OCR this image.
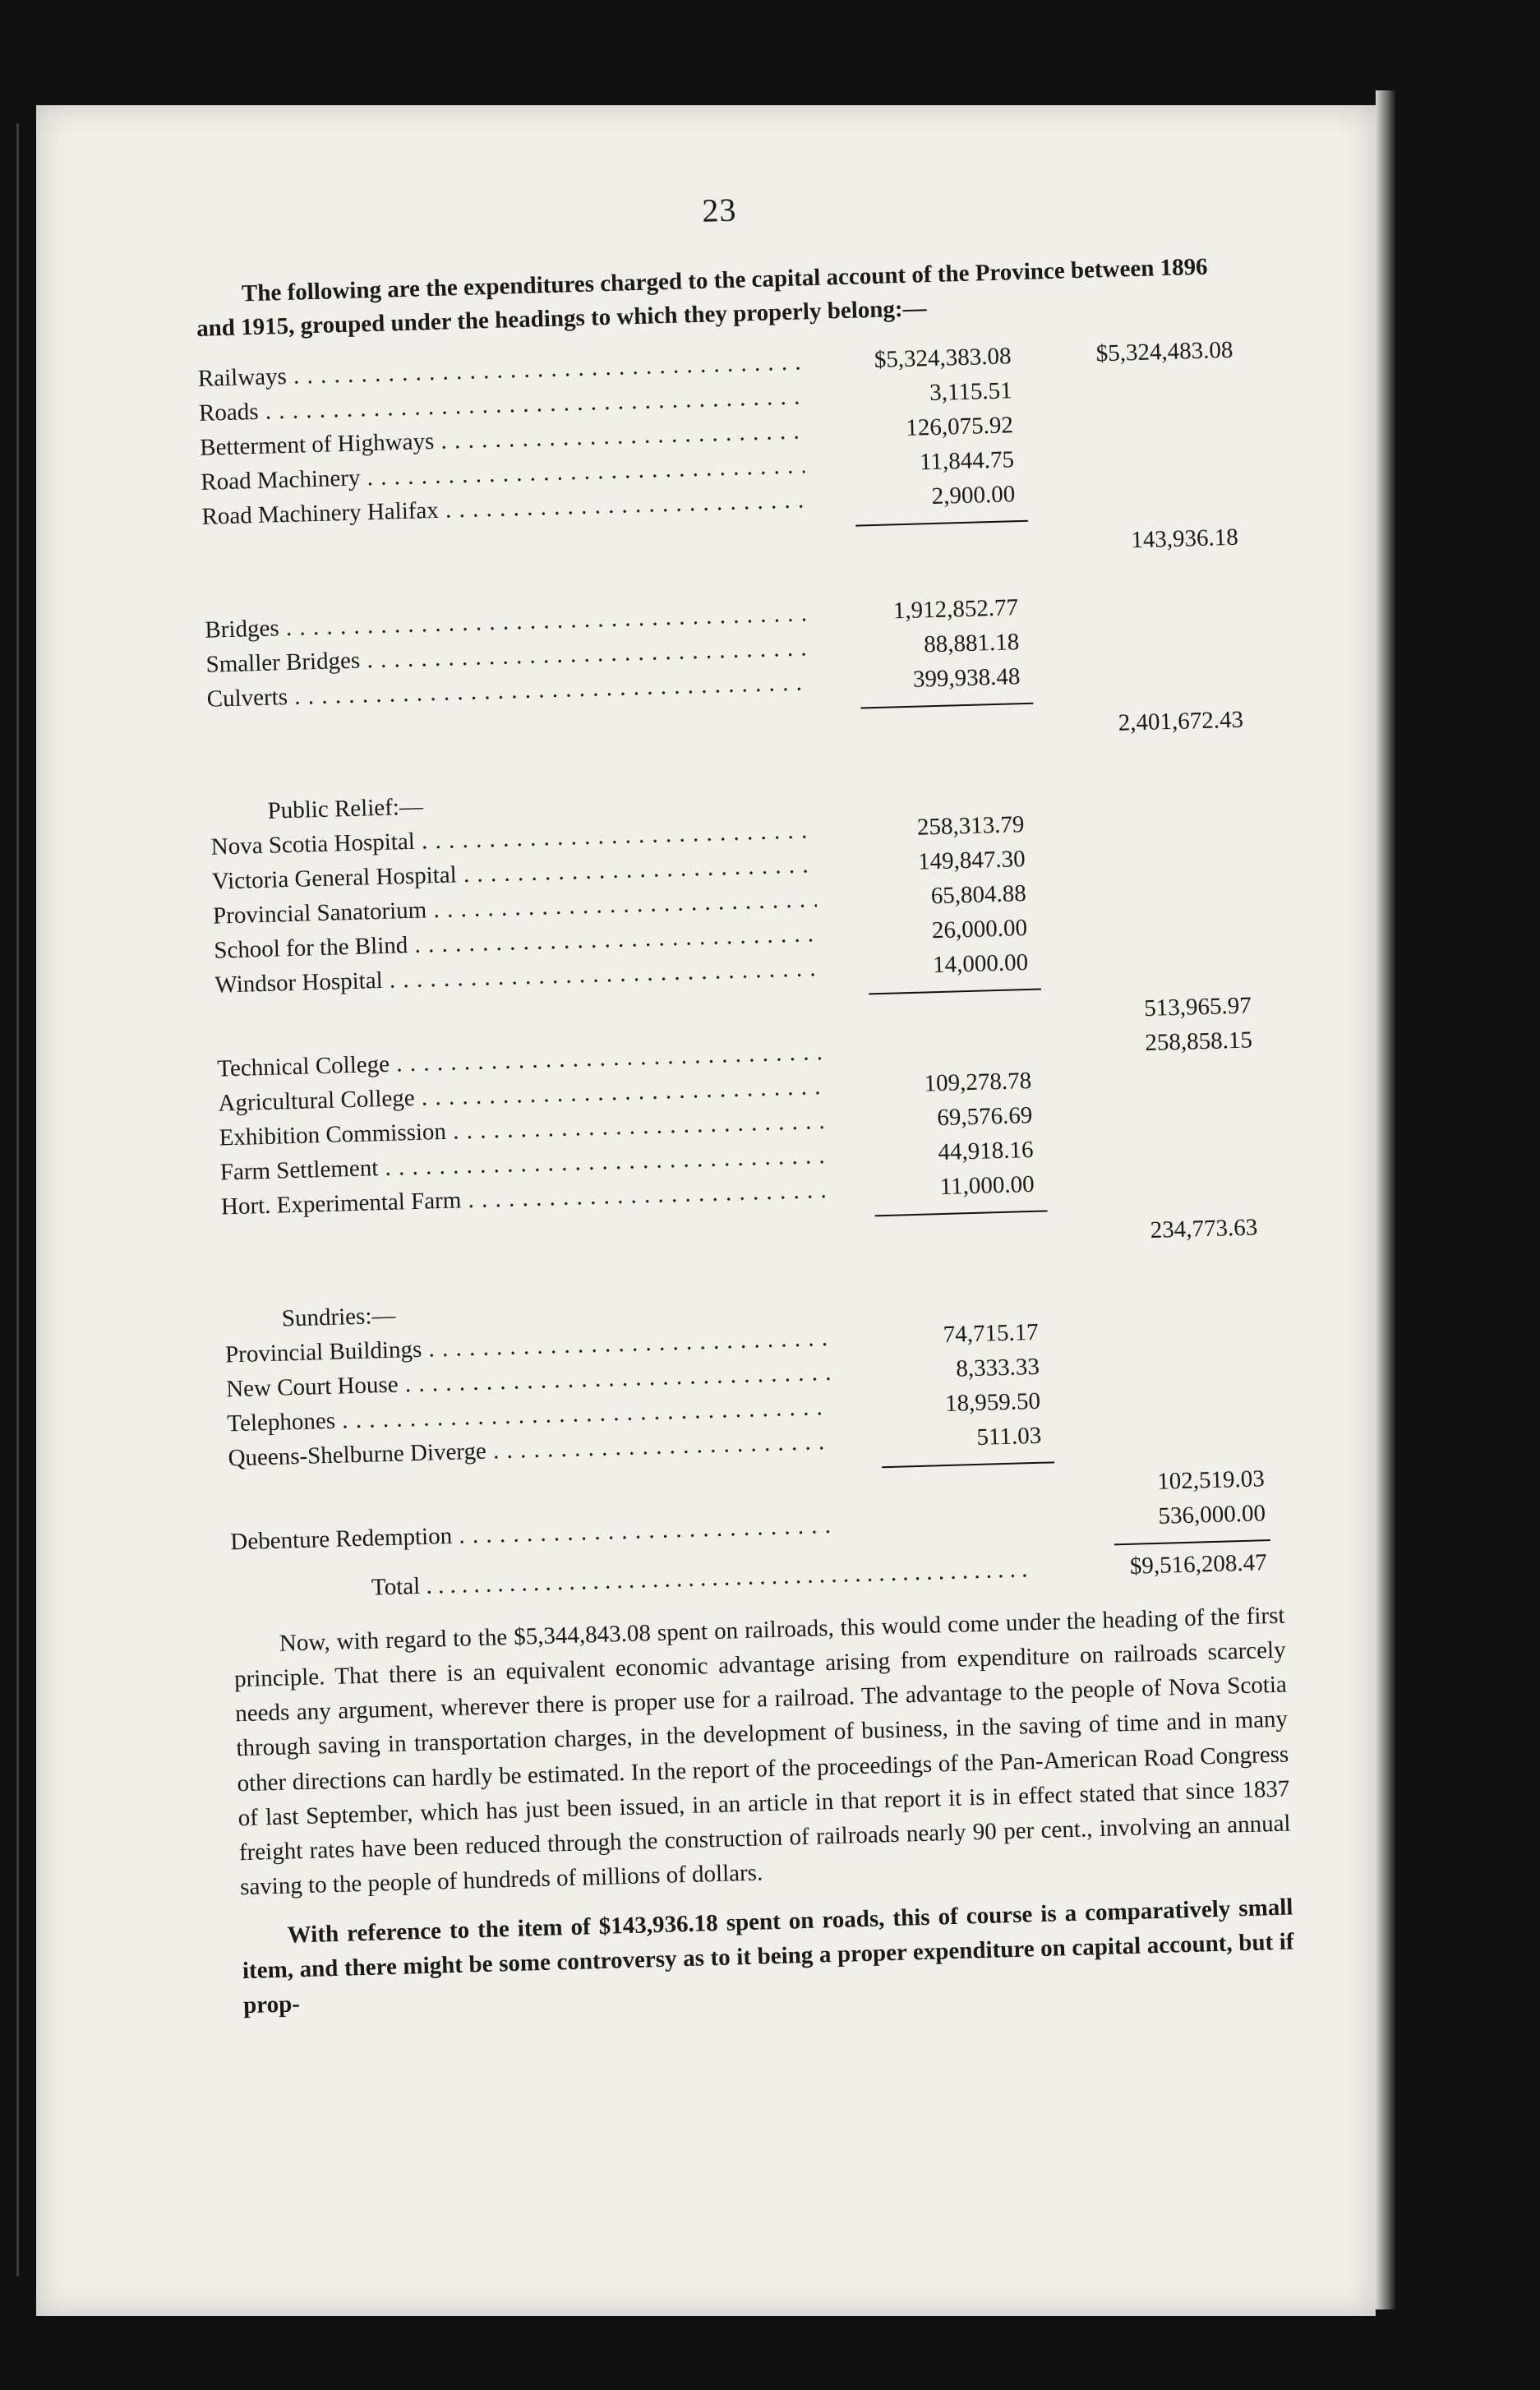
23

The following are the expenditures charged to the capital account of the Province between 1896 and 1915, grouped under the headings to which they properly belong:—

Railways . . .
$5,324,383.08	$5,324,483.08
Roads . . .
3,115.51
Betterment of Highways . . .
126,075.92
Road Machinery . . .
11,844.75
Road Machinery Halifax . . .
2,900.00
143,936.18
Bridges . . .
1,912,852.77
Smaller Bridges . . .
88,881.18
Culverts . . .
399,938.48
2,401,672.43
Public Relief:—
Nova Scotia Hospital . . .
258,313.79
Victoria General Hospital . . .
149,847.30
Provincial Sanatorium . . .
65,804.88
School for the Blind . . .
26,000.00
Windsor Hospital . . .
14,000.00
513,965.97
Technical College . . .
258,858.15
Agricultural College . . .
109,278.78
Exhibition Commission . . .
69,576.69
Farm Settlement . . .
44,918.16
Hort. Experimental Farm . . .
11,000.00
234,773.63
Sundries:—
Provincial Buildings . . .
74,715.17
New Court House . . .
8,333.33
Telephones . . .
18,959.50
Queens-Shelburne Diverge . . .
511.03
102,519.03
Debenture Redemption . . .
536,000.00
Total . . .
$9,516,208.47

Now, with regard to the $5,344,843.08 spent on railroads, this would come under the heading of the first principle. That there is an equivalent economic advantage arising from expenditure on railroads scarcely needs any argument, wherever there is proper use for a railroad. The advantage to the people of Nova Scotia through saving in transportation charges, in the development of business, in the saving of time and in many other directions can hardly be estimated. In the report of the proceedings of the Pan-American Road Congress of last September, which has just been issued, in an article in that report it is in effect stated that since 1837 freight rates have been reduced through the construction of railroads nearly 90 per cent., involving an annual saving to the people of hundreds of millions of dollars.

With reference to the item of $143,936.18 spent on roads, this of course is a comparatively small item, and there might be some controversy as to it being a proper expenditure on capital account, but if prop-
